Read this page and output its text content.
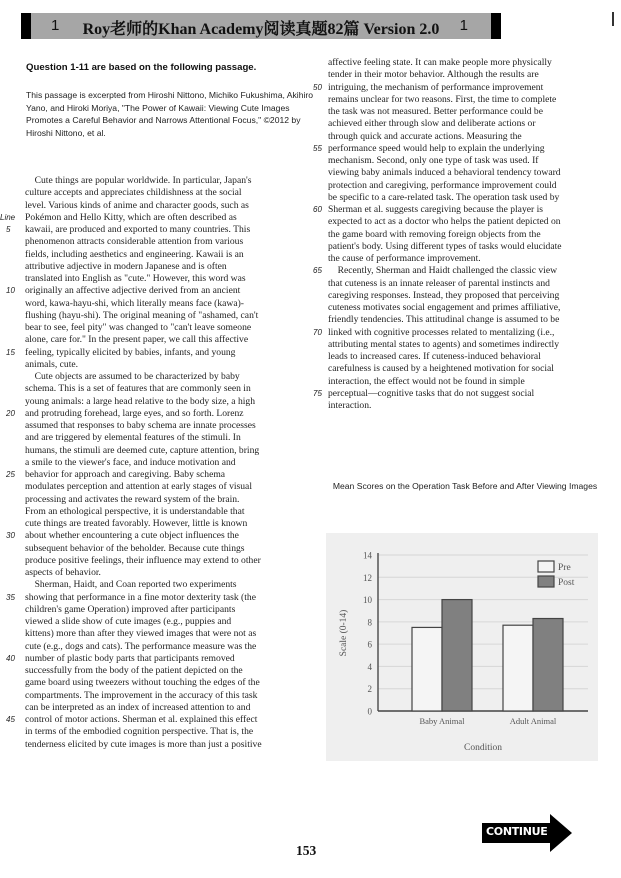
1	Roy老师的Khan Academy阅读真题82篇 Version 2.0	1
Question 1-11 are based on the following passage.
This passage is excerpted from Hiroshi Nittono, Michiko Fukushima, Akihiro Yano, and Hiroki Moriya, "The Power of Kawaii: Viewing Cute Images Promotes a Careful Behavior and Narrows Attentional Focus," ©2012 by Hiroshi Nittono, et al.
Cute things are popular worldwide. In particular, Japan's
culture accepts and appreciates childishness at the social
level. Various kinds of anime and character goods, such as
Pokémon and Hello Kitty, which are often described as
Line
kawaii, are produced and exported to many countries. This
5
phenomenon attracts considerable attention from various
fields, including aesthetics and engineering. Kawaii is an
attributive adjective in modern Japanese and is often
translated into English as "cute." However, this word was
originally an affective adjective derived from an ancient
10
word, kawa-hayu-shi, which literally means face (kawa)-
flushing (hayu-shi). The original meaning of "ashamed, can't
bear to see, feel pity" was changed to "can't leave someone
alone, care for." In the present paper, we call this affective
feeling, typically elicited by babies, infants, and young
15
animals, cute.
Cute objects are assumed to be characterized by baby
schema. This is a set of features that are commonly seen in
young animals: a large head relative to the body size, a high
and protruding forehead, large eyes, and so forth. Lorenz
20
assumed that responses to baby schema are innate processes
and are triggered by elemental features of the stimuli. In
humans, the stimuli are deemed cute, capture attention, bring
a smile to the viewer's face, and induce motivation and
behavior for approach and caregiving. Baby schema
25
modulates perception and attention at early stages of visual
processing and activates the reward system of the brain.
From an ethological perspective, it is understandable that
cute things are treated favorably. However, little is known
about whether encountering a cute object influences the
30
subsequent behavior of the beholder. Because cute things
produce positive feelings, their influence may extend to other
aspects of behavior.
Sherman, Haidt, and Coan reported two experiments
showing that performance in a fine motor dexterity task (the
35
children's game Operation) improved after participants
viewed a slide show of cute images (e.g., puppies and
kittens) more than after they viewed images that were not as
cute (e.g., dogs and cats). The performance measure was the
number of plastic body parts that participants removed
40
successfully from the body of the patient depicted on the
game board using tweezers without touching the edges of the
compartments. The improvement in the accuracy of this task
can be interpreted as an index of increased attention to and
control of motor actions. Sherman et al. explained this effect
45
in terms of the embodied cognition perspective. That is, the
tenderness elicited by cute images is more than just a positive
affective feeling state. It can make people more physically
tender in their motor behavior. Although the results are
intriguing, the mechanism of performance improvement
50
remains unclear for two reasons. First, the time to complete
the task was not measured. Better performance could be
achieved either through slow and deliberate actions or
through quick and accurate actions. Measuring the
performance speed would help to explain the underlying
55
mechanism. Second, only one type of task was used. If
viewing baby animals induced a behavioral tendency toward
protection and caregiving, performance improvement could
be specific to a care-related task. The operation task used by
Sherman et al. suggests caregiving because the player is
60
expected to act as a doctor who helps the patient depicted on
the game board with removing foreign objects from the
patient's body. Using different types of tasks would elucidate
the cause of performance improvement.
Recently, Sherman and Haidt challenged the classic view
65
that cuteness is an innate releaser of parental instincts and
caregiving responses. Instead, they proposed that perceiving
cuteness motivates social engagement and primes affiliative,
friendly tendencies. This attitudinal change is assumed to be
linked with cognitive processes related to mentalizing (i.e.,
70
attributing mental states to agents) and sometimes indirectly
leads to increased cares. If cuteness-induced behavioral
carefulness is caused by a heightened motivation for social
interaction, the effect would not be found in simple
perceptual—cognitive tasks that do not suggest social
75
interaction.
Mean Scores on the Operation Task Before and After Viewing Images
0
2
4
6
8
10
12
14
Baby Animal	Adult Animal
Condition
Scale (0-14)
Pre
Post
153
CONTINUE
